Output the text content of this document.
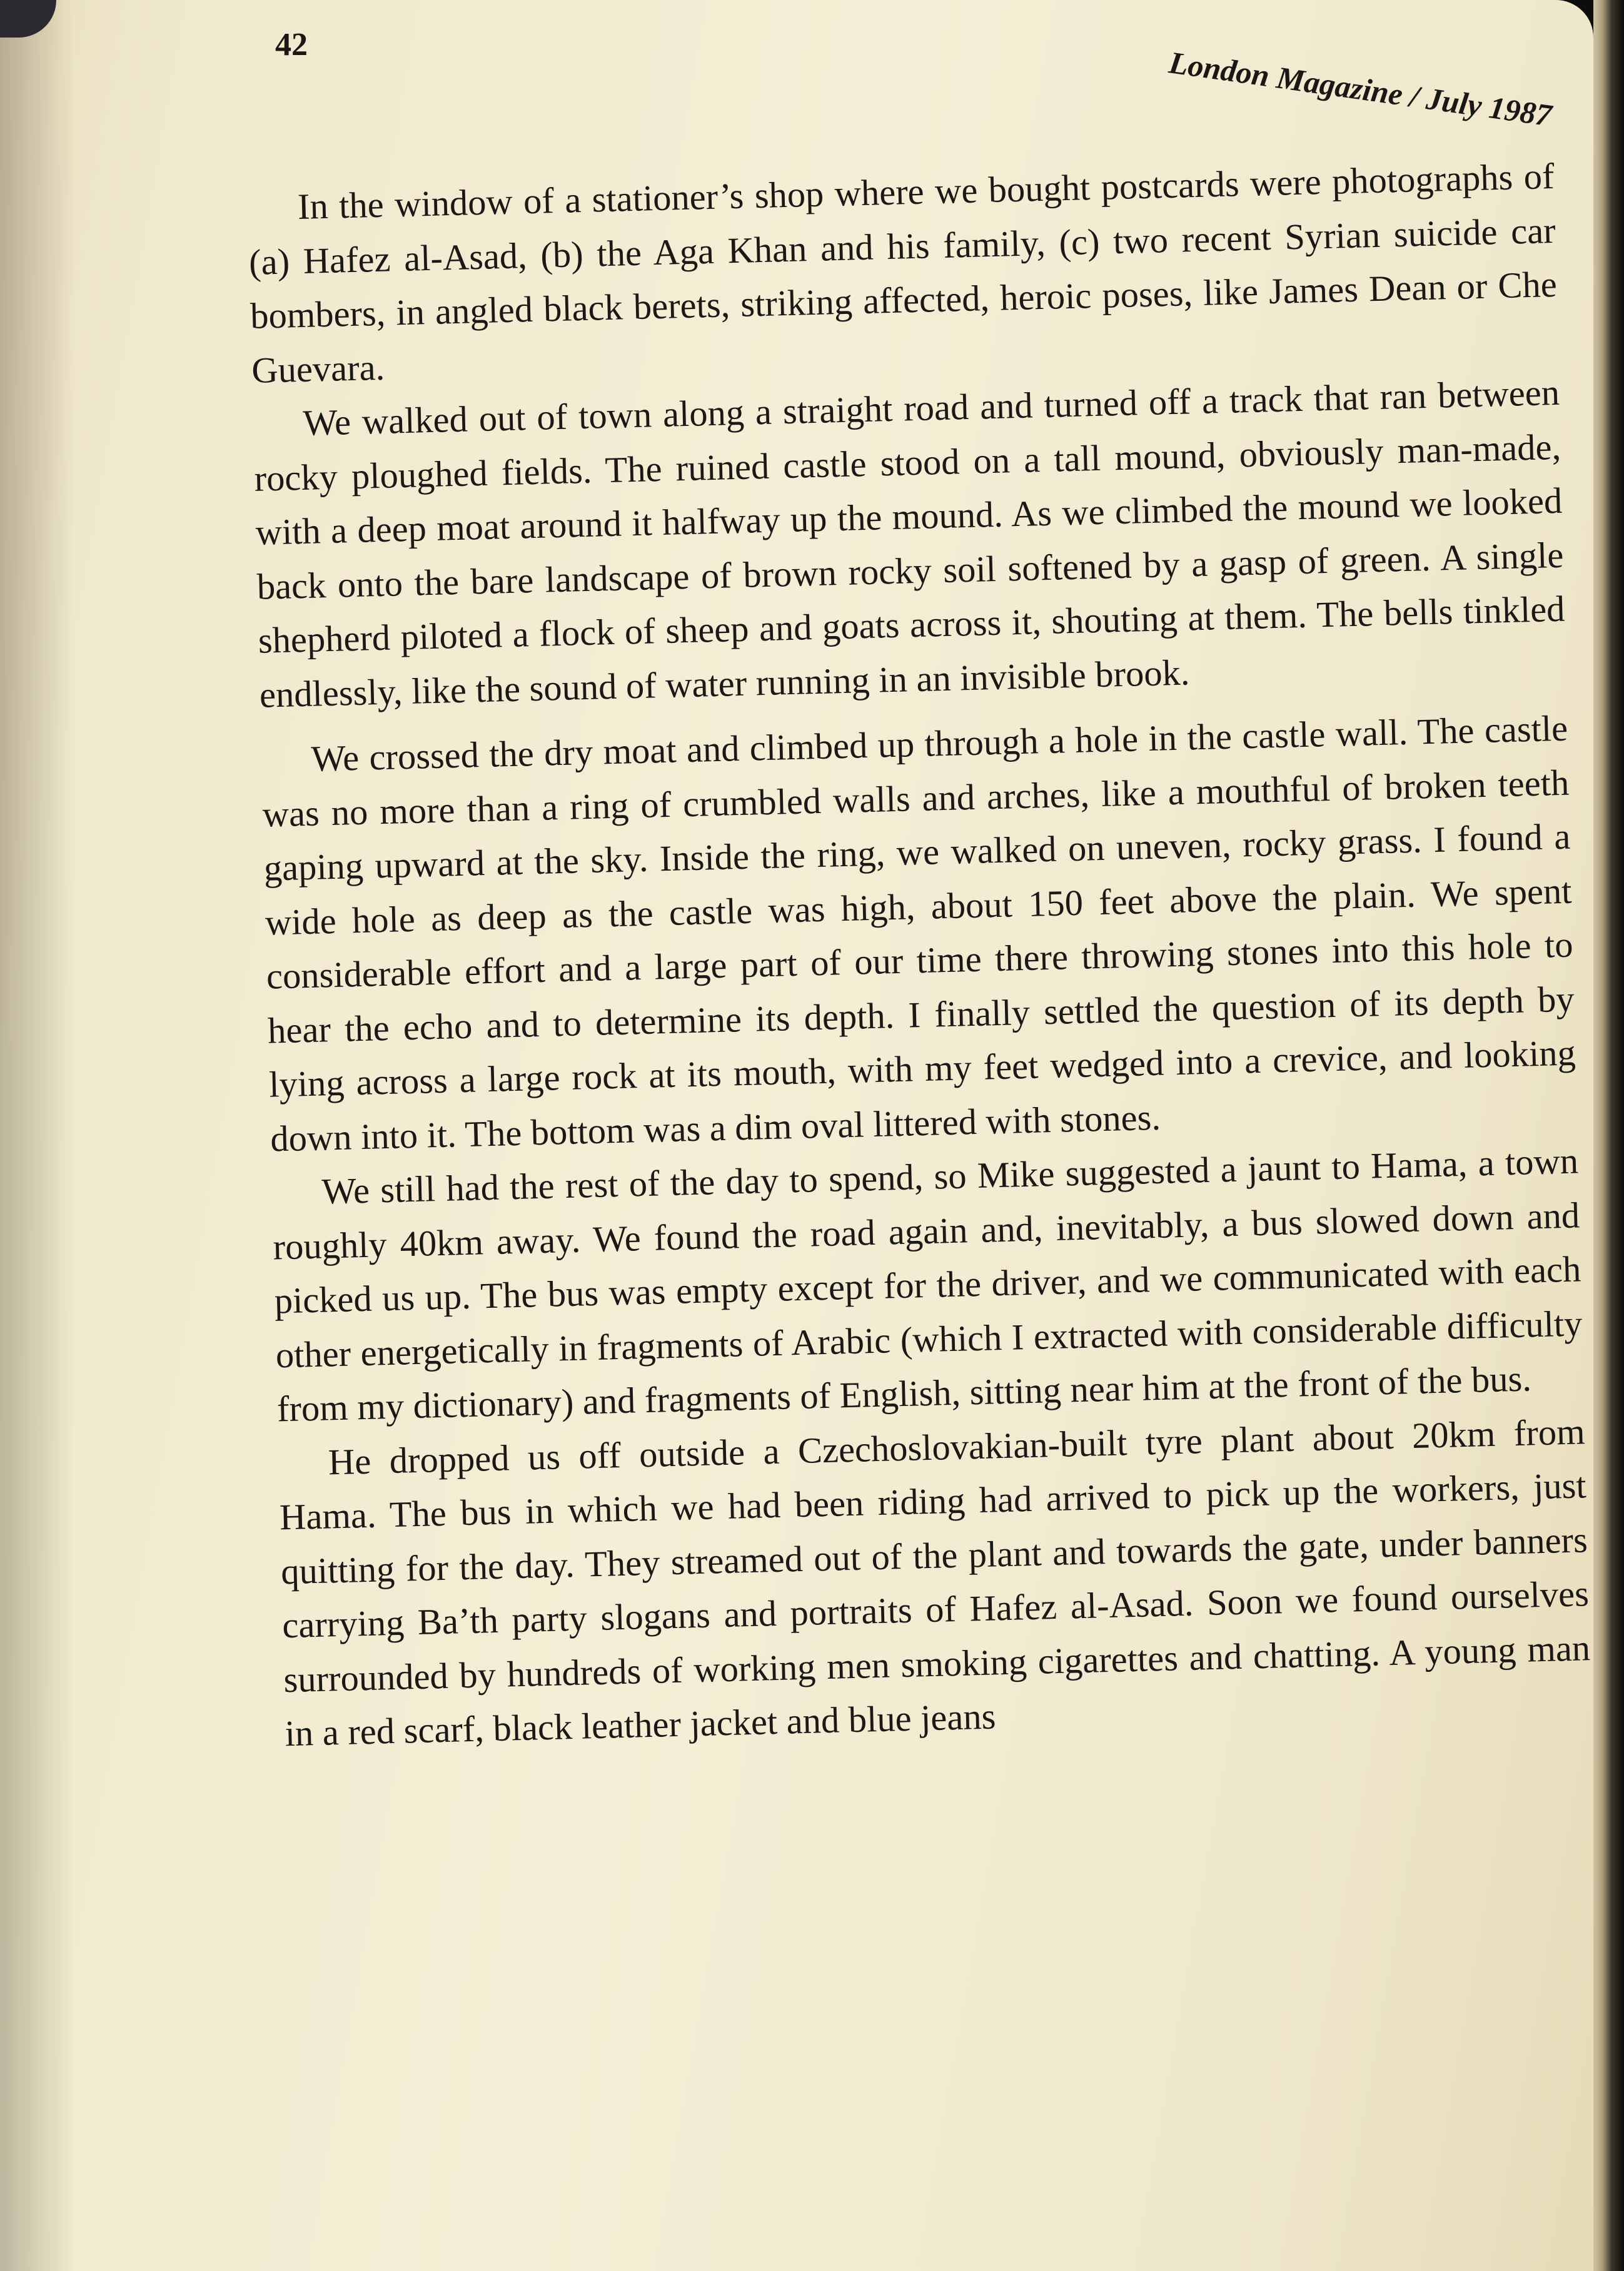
42	London Magazine / July 1987

In the window of a stationer’s shop where we bought postcards were photographs of (a) Hafez al-Asad, (b) the Aga Khan and his family, (c) two recent Syrian suicide car bombers, in angled black berets, striking affected, heroic poses, like James Dean or Che Guevara.

We walked out of town along a straight road and turned off a track that ran between rocky ploughed fields. The ruined castle stood on a tall mound, obviously man-made, with a deep moat around it halfway up the mound. As we climbed the mound we looked back onto the bare landscape of brown rocky soil softened by a gasp of green. A single shepherd piloted a flock of sheep and goats across it, shouting at them. The bells tinkled endlessly, like the sound of water running in an invisible brook.

We crossed the dry moat and climbed up through a hole in the castle wall. The castle was no more than a ring of crumbled walls and arches, like a mouthful of broken teeth gaping upward at the sky. Inside the ring, we walked on uneven, rocky grass. I found a wide hole as deep as the castle was high, about 150 feet above the plain. We spent considerable effort and a large part of our time there throwing stones into this hole to hear the echo and to determine its depth. I finally settled the question of its depth by lying across a large rock at its mouth, with my feet wedged into a crevice, and looking down into it. The bottom was a dim oval littered with stones.

We still had the rest of the day to spend, so Mike suggested a jaunt to Hama, a town roughly 40km away. We found the road again and, inevitably, a bus slowed down and picked us up. The bus was empty except for the driver, and we communicated with each other energetically in fragments of Arabic (which I extracted with considerable difficulty from my dictionary) and fragments of English, sitting near him at the front of the bus.

He dropped us off outside a Czechoslovakian-built tyre plant about 20km from Hama. The bus in which we had been riding had arrived to pick up the workers, just quitting for the day. They streamed out of the plant and towards the gate, under banners carrying Ba’th party slogans and portraits of Hafez al-Asad. Soon we found ourselves surrounded by hundreds of working men smoking cigarettes and chatting. A young man in a red scarf, black leather jacket and blue jeans
